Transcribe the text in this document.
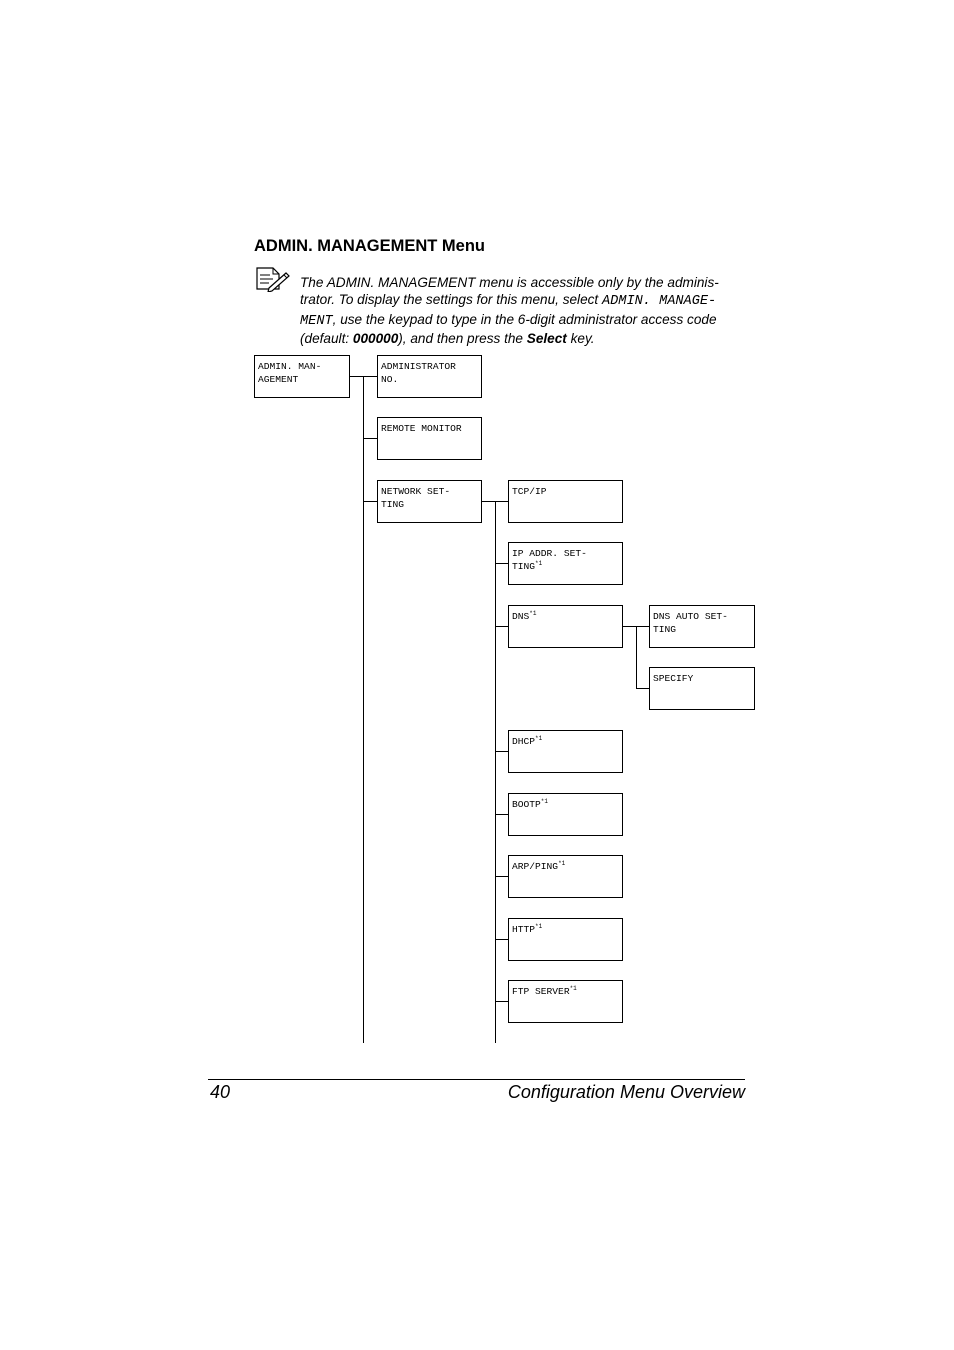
ADMIN. MANAGEMENT Menu
The ADMIN. MANAGEMENT menu is accessible only by the adminis-
trator. To display the settings for this menu, select ADMIN. MANAGE-
MENT, use the keypad to type in the 6-digit administrator access code
(default: 000000), and then press the Select key.
ADMIN. MAN-
AGEMENT
ADMINISTRATOR
NO.
REMOTE MONITOR
NETWORK SET-
TING
TCP/IP
IP ADDR. SET-
TING$^{*1}$
DNS$^{*1}$
DHCP$^{*1}$
BOOTP$^{*1}$
ARP/PING$^{*1}$
HTTP$^{*1}$
FTP SERVER$^{*1}$
DNS AUTO SET-
TING
SPECIFY
40	Configuration Menu Overview
